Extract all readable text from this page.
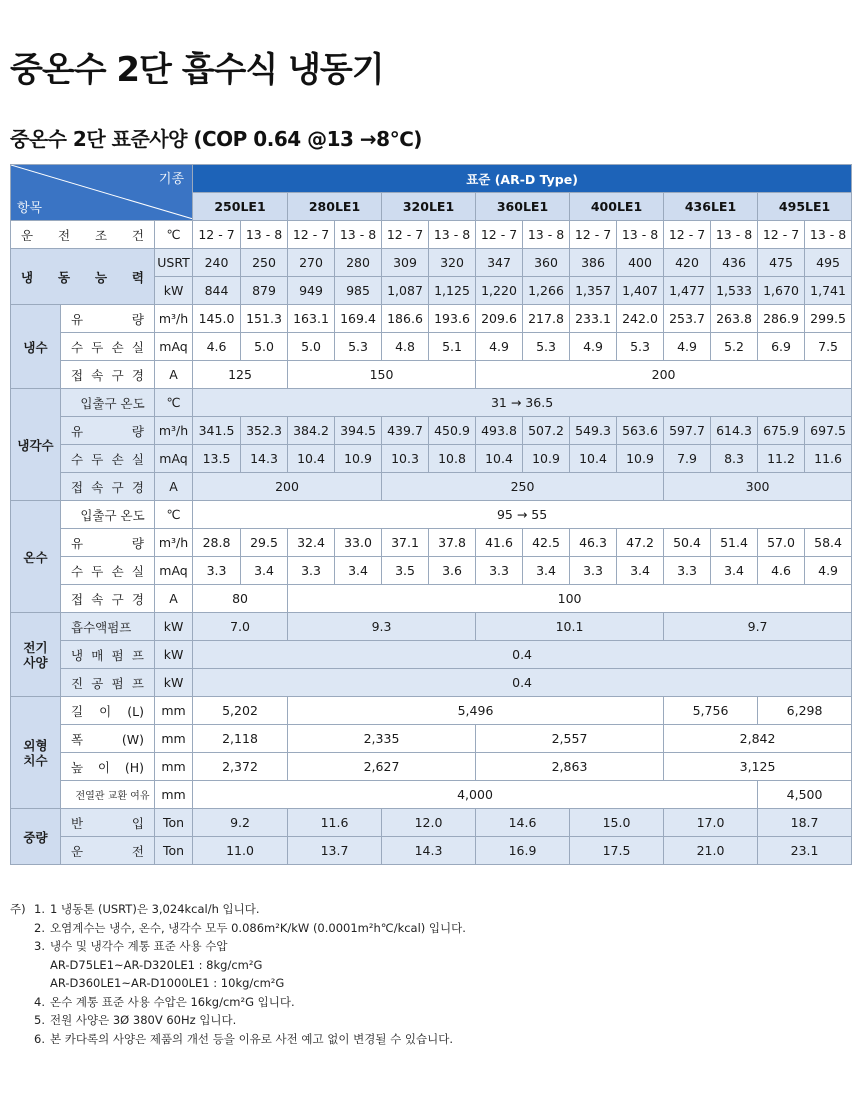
중온수 2단 흡수식 냉동기
중온수 2단 표준사양 (COP 0.64 @13 →8℃)
기종
항목			표준 (AR-D Type)													
			250LE1		280LE1		320LE1		360LE1		400LE1		436LE1		495LE1	
운 전 조 건		℃	12 - 7	13 - 8	12 - 7	13 - 8	12 - 7	13 - 8	12 - 7	13 - 8	12 - 7	13 - 8	12 - 7	13 - 8	12 - 7	13 - 8
냉 동 능 력		USRT	240	250	270	280	309	320	347	360	386	400	420	436	475	495
		kW	844	879	949	985	1,087	1,125	1,220	1,266	1,357	1,407	1,477	1,533	1,670	1,741
냉수	유 량	m³/h	145.0	151.3	163.1	169.4	186.6	193.6	209.6	217.8	233.1	242.0	253.7	263.8	286.9	299.5
	수 두 손 실	mAq	4.6	5.0	5.0	5.3	4.8	5.1	4.9	5.3	4.9	5.3	4.9	5.2	6.9	7.5
	접 속 구 경	A	125		150				200							
냉각수	입출구 온도	℃	31 → 36.5													
	유 량	m³/h	341.5	352.3	384.2	394.5	439.7	450.9	493.8	507.2	549.3	563.6	597.7	614.3	675.9	697.5
	수 두 손 실	mAq	13.5	14.3	10.4	10.9	10.3	10.8	10.4	10.9	10.4	10.9	7.9	8.3	11.2	11.6
	접 속 구 경	A	200				250						300			
온수	입출구 온도	℃	95 → 55													
	유 량	m³/h	28.8	29.5	32.4	33.0	37.1	37.8	41.6	42.5	46.3	47.2	50.4	51.4	57.0	58.4
	수 두 손 실	mAq	3.3	3.4	3.3	3.4	3.5	3.6	3.3	3.4	3.3	3.4	3.3	3.4	4.6	4.9
	접 속 구 경	A	80		100											
전기
사양	흡수액펌프	kW	7.0		9.3				10.1				9.7			
	냉 매 펌 프	kW	0.4													
	진 공 펌 프	kW	0.4													
외형
치수	길 이 (L)	mm	5,202		5,496								5,756		6,298	
	폭 (W)	mm	2,118		2,335				2,557				2,842			
	높 이 (H)	mm	2,372		2,627				2,863				3,125			
	전열관 교환 여유	mm	4,000												4,500	
중량	반 입	Ton	9.2		11.6		12.0		14.6		15.0		17.0		18.7	
	운 전	Ton	11.0		13.7		14.3		16.9		17.5		21.0		23.1	
주) 1. 1 냉동톤 (USRT)은 3,024kcal/h 입니다.
2. 오염계수는 냉수, 온수, 냉각수 모두 0.086m²K/kW (0.0001m²h℃/kcal) 입니다.
3. 냉수 및 냉각수 계통 표준 사용 수압
AR-D75LE1~AR-D320LE1 : 8kg/cm²G
AR-D360LE1~AR-D1000LE1 : 10kg/cm²G
4. 온수 계통 표준 사용 수압은 16kg/cm²G 입니다.
5. 전원 사양은 3Ø 380V 60Hz 입니다.
6. 본 카다록의 사양은 제품의 개선 등을 이유로 사전 예고 없이 변경될 수 있습니다.
